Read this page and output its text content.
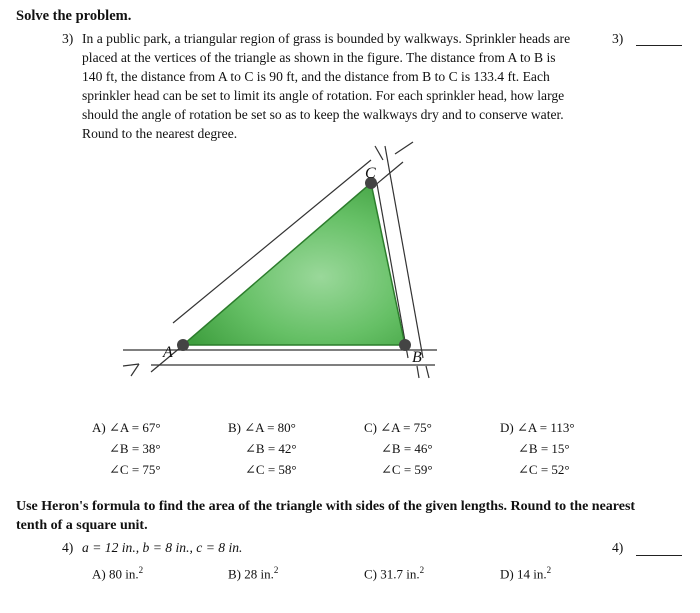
Solve the problem.
3) In a public park, a triangular region of grass is bounded by walkways. Sprinkler heads are
placed at the vertices of the triangle as shown in the figure. The distance from A to B is
140 ft, the distance from A to C is 90 ft, and the distance from B to C is 133.4 ft. Each
sprinkler head can be set to limit its angle of rotation. For each sprinkler head, how large
should the angle of rotation be set so as to keep the walkways dry and to conserve water.
Round to the nearest degree.
3)
A	B
C
A) ∠A = 67°
∠B = 38°
∠C = 75°
B) ∠A = 80°
∠B = 42°
∠C = 58°
C) ∠A = 75°
∠B = 46°
∠C = 59°
D) ∠A = 113°
∠B = 15°
∠C = 52°
Use Heron's formula to find the area of the triangle with sides of the given lengths. Round to the nearest
tenth of a square unit.
4) a = 12 in., b = 8 in., c = 8 in.	4)
A) 80 in.$^2$	B) 28 in.$^2$	C) 31.7 in.$^2$	D) 14 in.$^2$
